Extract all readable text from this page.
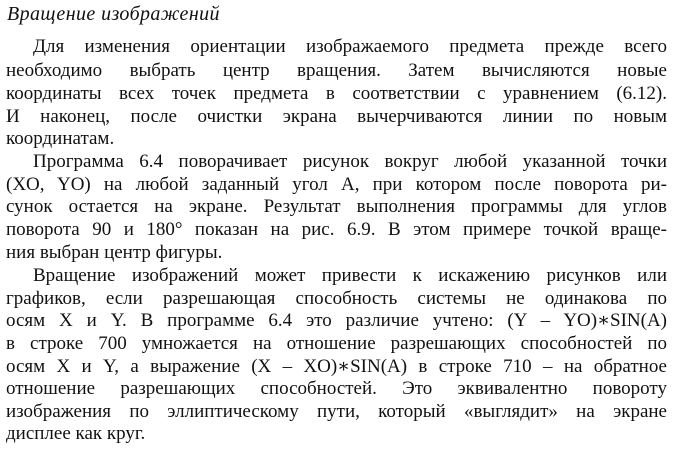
Вращение изображений
Для изменения ориентации изображаемого предмета прежде всего
необходимо выбрать центр вращения. Затем вычисляются новые
координаты всех точек предмета в соответствии с уравнением (6.12).
И наконец, после очистки экрана вычерчиваются линии по новым
координатам.
Программа 6.4 поворачивает рисунок вокруг любой указанной точки
(XO, YO) на любой заданный угол А, при котором после поворота ри-
сунок остается на экране. Результат выполнения программы для углов
поворота 90 и 180° показан на рис. 6.9. В этом примере точкой враще-
ния выбран центр фигуры.
Вращение изображений может привести к искажению рисунков или
графиков, если разрешающая способность системы не одинакова по
осям X и Y. В программе 6.4 это различие учтено: (Y – YO)∗SIN(A)
в строке 700 умножается на отношение разрешающих способностей по
осям X и Y, а выражение (X – XO)∗SIN(A) в строке 710 – на обратное
отношение разрешающих способностей. Это эквивалентно повороту
изображения по эллиптическому пути, который «выглядит» на экране
дисплее как круг.
